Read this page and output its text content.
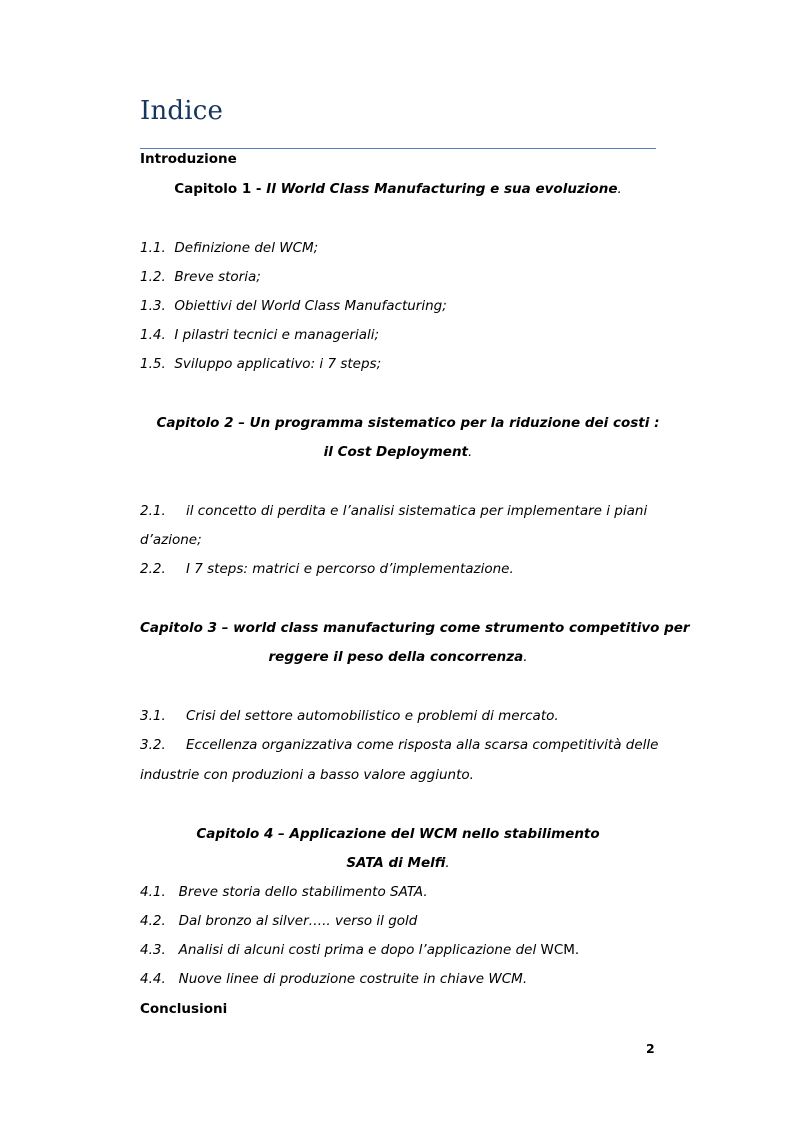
Indice
Introduzione
Capitolo 1 - Il World Class Manufacturing e sua evoluzione.
1.1. Definizione del WCM;
1.2. Breve storia;
1.3. Obiettivi del World Class Manufacturing;
1.4. I pilastri tecnici e manageriali;
1.5. Sviluppo applicativo: i 7 steps;
Capitolo 2 – Un programma sistematico per la riduzione dei costi :
il Cost Deployment.
2.1. il concetto di perdita e l’analisi sistematica per implementare i piani
d’azione;
2.2. I 7 steps: matrici e percorso d’implementazione.
Capitolo 3 – world class manufacturing come strumento competitivo per
reggere il peso della concorrenza.
3.1. Crisi del settore automobilistico e problemi di mercato.
3.2. Eccellenza organizzativa come risposta alla scarsa competitività delle
industrie con produzioni a basso valore aggiunto.
Capitolo 4 – Applicazione del WCM nello stabilimento
SATA di Melfi.
4.1. Breve storia dello stabilimento SATA.
4.2. Dal bronzo al silver….. verso il gold
4.3. Analisi di alcuni costi prima e dopo l’applicazione del WCM.
4.4. Nuove linee di produzione costruite in chiave WCM.
Conclusioni
2
